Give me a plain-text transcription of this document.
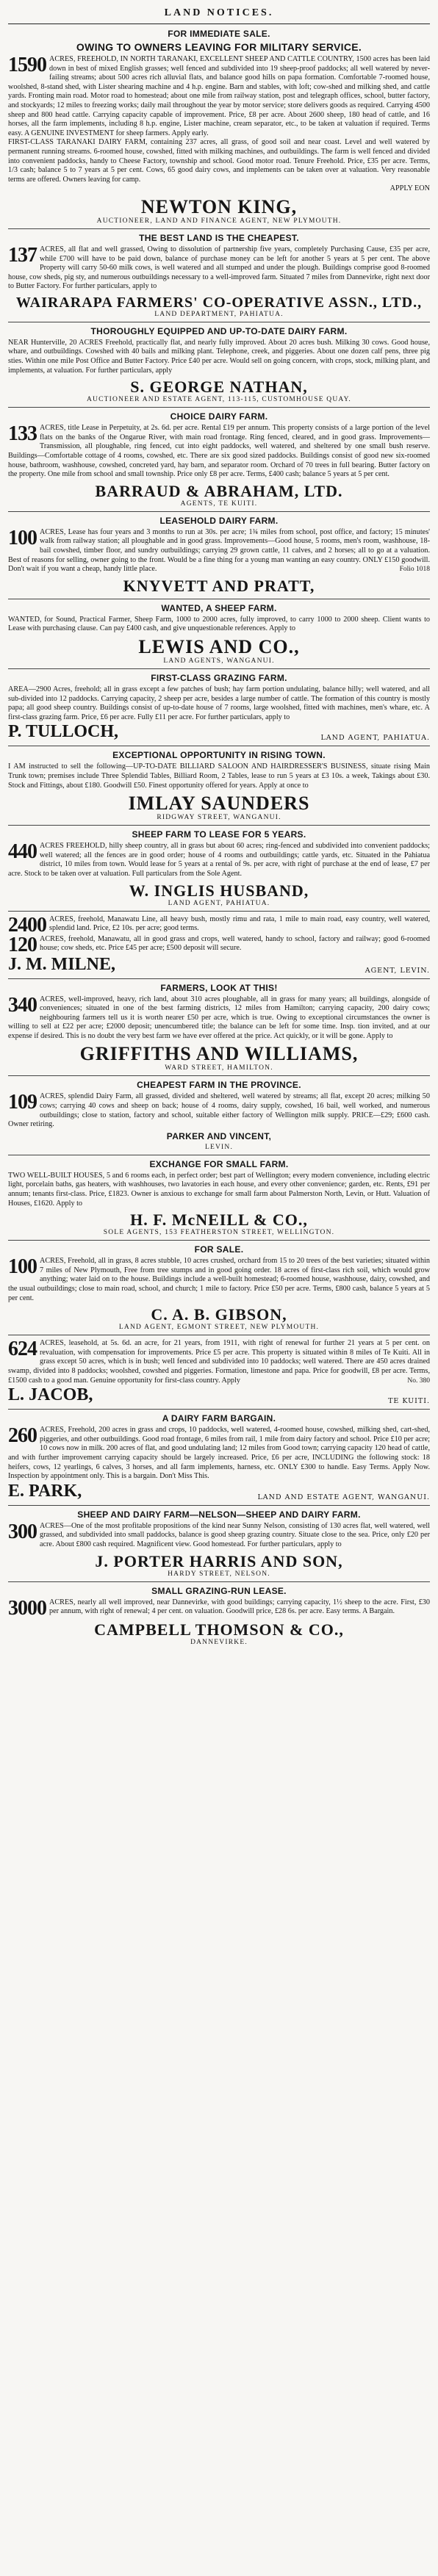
LAND NOTICES.
FOR IMMEDIATE SALE.
OWING TO OWNERS LEAVING FOR MILITARY SERVICE.
1590 ACRES, FREEHOLD, IN NORTH TARANAKI, EXCELLENT SHEEP AND CATTLE COUNTRY, 1500 acres has been laid down in best of mixed English grasses; well fenced and subdivided into 19 sheep-proof paddocks; all well watered by never-failing streams; about 500 acres rich alluvial flats, and balance good hills on papa formation. Comfortable 7-roomed house, woolshed, 8-stand shed, with Lister shearing machine and 4 h.p. engine. Barn and stables, with loft; cow-shed and milking shed, and cattle yards. Fronting main road. Motor road to homestead; about one mile from railway station, post and telegraph offices, school, butter factory, and stockyards; 12 miles to freezing works; daily mail throughout the year by motor service; store delivers goods as required. Carrying 4500 sheep and 800 head cattle. Carrying capacity capable of improvement. Price, £8 per acre. About 2600 sheep, 180 head of cattle, and 16 horses, all the farm implements, including 8 h.p. engine, Lister machine, cream separator, etc., to be taken at valuation if required. Terms easy. A GENUINE INVESTMENT for sheep farmers. Apply early.
FIRST-CLASS TARANAKI DAIRY FARM, containing 237 acres, all grass, of good soil and near coast. Level and well watered by permanent running streams. 6-roomed house, cowshed, fitted with milking machines, and outbuildings. The farm is well fenced and divided into convenient paddocks, handy to Cheese Factory, township and school. Good motor road. Tenure Freehold. Price, £35 per acre. Terms, 1/3 cash; balance 5 to 7 years at 5 per cent. Cows, 65 good dairy cows, and implements can be taken over at valuation. Very reasonable terms are offered. Owners leaving for camp.
APPLY EON
NEWTON KING,
AUCTIONEER, LAND AND FINANCE AGENT, NEW PLYMOUTH.
THE BEST LAND IS THE CHEAPEST.
137 ACRES, all flat and well grassed, Owing to dissolution of partnership five years, completely Purchasing Cause, £35 per acre, while £700 will have to be paid down, balance of purchase money can be left for another 5 years at 5 per cent. The above Property will carry 50-60 milk cows, is well watered and all stumped and under the plough. Buildings comprise good 8-roomed house, cow sheds, pig sty, and numerous outbuildings necessary to a well-improved farm. Situated 7 miles from Dannevirke, right next door to Butter Factory. For further particulars, apply to
WAIRARAPA FARMERS' CO-OPERATIVE ASSN., LTD.,
LAND DEPARTMENT, PAHIATUA.
THOROUGHLY EQUIPPED AND UP-TO-DATE DAIRY FARM.
NEAR Hunterville, 20 ACRES Freehold, practically flat, and nearly fully improved. About 20 acres bush. Milking 30 cows. Good house, whare, and outbuildings. Cowshed with 40 bails and milking plant. Telephone, creek, and piggeries. About one dozen calf pens, three pig sties. Within one mile Post Office and Butter Factory. Price £40 per acre. Would sell on going concern, with crops, stock, milking plant, and implements, at valuation. For further particulars, apply
S. GEORGE NATHAN,
AUCTIONEER AND ESTATE AGENT, 113-115, CUSTOMHOUSE QUAY.
CHOICE DAIRY FARM.
133 ACRES, title Lease in Perpetuity, at 2s. 6d. per acre. Rental £19 per annum. This property consists of a large portion of the level flats on the banks of the Ongarue River, with main road frontage. Ring fenced, cleared, and in good grass. Improvements—Transmission, all ploughable, ring fenced, cut into eight paddocks, well watered, and sheltered by one small bush reserve. Buildings—Comfortable cottage of 4 rooms, cowshed, etc. There are six good sized paddocks. Buildings consist of good new six-roomed house, bathroom, washhouse, cowshed, concreted yard, hay barn, and separator room. Orchard of 70 trees in full bearing. Butter factory on the property. One mile from school and small township. Price only £8 per acre. Terms, £400 cash; balance 5 years at 5 per cent.
BARRAUD & ABRAHAM, LTD.
AGENTS, TE KUITI.
LEASEHOLD DAIRY FARM.
100 ACRES, Lease has four years and 3 months to run at 30s. per acre; 1¾ miles from school, post office, and factory; 15 minutes' walk from railway station; all ploughable and in good grass. Improvements—Good house, 5 rooms, men's room, washhouse, 18-bail cowshed, timber floor, and sundry outbuildings; carrying 29 grown cattle, 11 calves, and 2 horses; all to go at a valuation. Best of reasons for selling, owner going to the front. Would be a fine thing for a young man wanting an easy country. ONLY £150 goodwill. Don't wait if you want a cheap, handy little place.	Folio 1018
KNYVETT AND PRATT,
WANTED, A SHEEP FARM.
WANTED, for Sound, Practical Farmer, Sheep Farm, 1000 to 2000 acres, fully improved, to carry 1000 to 2000 sheep. Client wants to Lease with purchasing clause. Can pay £400 cash, and give unquestionable references. Apply to
LEWIS AND CO.,
LAND AGENTS, WANGANUI.
FIRST-CLASS GRAZING FARM.
AREA—2900 Acres, freehold; all in grass except a few patches of bush; hay farm portion undulating, balance hilly; well watered, and all sub-divided into 12 paddocks. Carrying capacity, 2 sheep per acre, besides a large number of cattle. The formation of this country is mostly papa; all good sheep country. Buildings consist of up-to-date house of 7 rooms, large woolshed, fitted with machines, men's whare, etc. A first-class grazing farm. Price, £6 per acre. Fully £11 per acre. For further particulars, apply to
P. TULLOCH,	LAND AGENT, PAHIATUA.
EXCEPTIONAL OPPORTUNITY IN RISING TOWN.
I AM instructed to sell the following—UP-TO-DATE BILLIARD SALOON AND HAIRDRESSER'S BUSINESS, situate rising Main Trunk town; premises include Three Splendid Tables, Billiard Room, 2 Tables, lease to run 5 years at £3 10s. a week, Takings about £30. Stock and Fittings, about £180. Goodwill £50. Finest opportunity offered for years. Apply at once to
IMLAY SAUNDERS
RIDGWAY STREET, WANGANUI.
SHEEP FARM TO LEASE FOR 5 YEARS.
440 ACRES FREEHOLD, hilly sheep country, all in grass but about 60 acres; ring-fenced and subdivided into convenient paddocks; well watered; all the fences are in good order; house of 4 rooms and outbuildings; cattle yards, etc. Situated in the Pahiatua district, 10 miles from town. Would lease for 5 years at a rental of 9s. per acre, with right of purchase at the end of lease, £7 per acre. Stock to be taken over at valuation. Full particulars from the Sole Agent.
W. INGLIS HUSBAND,
LAND AGENT, PAHIATUA.
2400 ACRES, freehold, Manawatu Line, all heavy bush, mostly rimu and rata, 1 mile to main road, easy country, well watered, splendid land. Price, £2 10s. per acre; good terms.
120 ACRES, freehold, Manawatu, all in good grass and crops, well watered, handy to school, factory and railway; good 6-roomed house; cow sheds, etc. Price £45 per acre; £500 deposit will secure.
J. M. MILNE,	AGENT, LEVIN.
FARMERS, LOOK AT THIS!
340 ACRES, well-improved, heavy, rich land, about 310 acres ploughable, all in grass for many years; all buildings, alongside of conveniences; situated in one of the best farming districts, 12 miles from Hamilton; carrying capacity, 200 dairy cows; neighbouring farmers tell us it is worth nearer £50 per acre, which is true. Owing to exceptional circumstances the owner is willing to sell at £22 per acre; £2000 deposit; unencumbered title; the balance can be left for some time. Insp. tion invited, and at our expense if desired. This is no doubt the very best farm we have ever offered at the price. Act quickly, or it will be gone. Apply to
GRIFFITHS AND WILLIAMS,
WARD STREET, HAMILTON.
CHEAPEST FARM IN THE PROVINCE.
109 ACRES, splendid Dairy Farm, all grassed, divided and sheltered, well watered by streams; all flat, except 20 acres; milking 50 cows; carrying 40 cows and sheep on back; house of 4 rooms, dairy supply, cowshed, 16 bail, well worked, and numerous outbuildings; close to station, factory and school, suitable either factory of Wellington milk supply. PRICE—£29; £600 cash. Owner retiring.
PARKER AND VINCENT,
LEVIN.
EXCHANGE FOR SMALL FARM.
TWO WELL-BUILT HOUSES, 5 and 6 rooms each, in perfect order; best part of Wellington; every modern convenience, including electric light, porcelain baths, gas heaters, with washhouses, two lavatories in each house, and every other convenience; garden, etc. Rents, £91 per annum; tenants first-class. Price, £1823. Owner is anxious to exchange for small farm about Palmerston North, Levin, or Hutt. Valuation of Houses, £1620. Apply to
H. F. McNEILL & CO.,
SOLE AGENTS, 153 FEATHERSTON STREET, WELLINGTON.
FOR SALE.
100 ACRES, Freehold, all in grass, 8 acres stubble, 10 acres crushed, orchard from 15 to 20 trees of the best varieties; situated within 7 miles of New Plymouth, Free from tree stumps and in good going order. 18 acres of first-class rich soil, which would grow anything; water laid on to the house. Buildings include a well-built homestead; 6-roomed house, washhouse, dairy, cowshed, and the usual outbuildings; close to main road, school, and church; 1 mile to factory. Price £50 per acre. Terms, £800 cash, balance 5 years at 5 per cent.
C. A. B. GIBSON,
LAND AGENT, EGMONT STREET, NEW PLYMOUTH.
624 ACRES, leasehold, at 5s. 6d. an acre, for 21 years, from 1911, with right of renewal for further 21 years at 5 per cent. on revaluation, with compensation for improvements. Price £5 per acre. This property is situated within 8 miles of Te Kuiti. All in grass except 50 acres, which is in bush; well fenced and subdivided into 10 paddocks; well watered. There are 450 acres drained swamp, divided into 8 paddocks; woolshed, cowshed and piggeries. Formation, limestone and papa. Price for goodwill, £8 per acre. Terms, £1500 cash to a good man. Genuine opportunity for first-class country. Apply	No. 380
L. JACOB,	TE KUITI.
A DAIRY FARM BARGAIN.
260 ACRES, Freehold, 200 acres in grass and crops, 10 paddocks, well watered, 4-roomed house, cowshed, milking shed, cart-shed, piggeries, and other outbuildings. Good road frontage, 6 miles from rail, 1 mile from dairy factory and school. Price £10 per acre; 10 cows now in milk. 200 acres of flat, and good undulating land; 12 miles from Good town; carrying capacity 120 head of cattle, and with further improvement carrying capacity should be largely increased. Price, £6 per acre, INCLUDING the following stock: 18 heifers, cows, 12 yearlings, 6 calves, 3 horses, and all farm implements, harness, etc. ONLY £300 to handle. Easy Terms. Apply Now. Inspection by appointment only. This is a bargain. Don't Miss This.
E. PARK,	LAND AND ESTATE AGENT, WANGANUI.
SHEEP AND DAIRY FARM—NELSON—SHEEP AND DAIRY FARM.
300 ACRES—One of the most profitable propositions of the kind near Sunny Nelson, consisting of 130 acres flat, well watered, well grassed, and subdivided into small paddocks, balance is good sheep grazing country. Situate close to the sea. Price, only £20 per acre. About £800 cash required. Magnificent view. Good homestead. For further particulars, apply to
J. PORTER HARRIS AND SON,
HARDY STREET, NELSON.
SMALL GRAZING-RUN LEASE.
3000 ACRES, nearly all well improved, near Dannevirke, with good buildings; carrying capacity, 1½ sheep to the acre. First, £30 per annum, with right of renewal; 4 per cent. on valuation. Goodwill price, £28 6s. per acre. Easy terms. A Bargain.
CAMPBELL THOMSON & CO.,
DANNEVIRKE.
